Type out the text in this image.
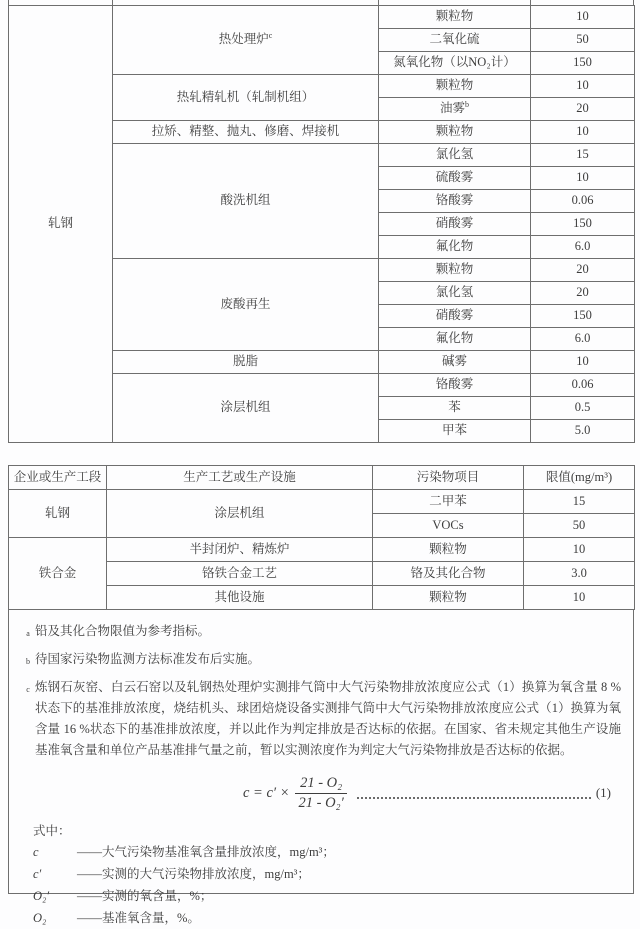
轧钢	热处理炉$^c$	颗粒物	10
		二氧化硫	50
		氮氧化物（以NO₂计）	150
	热轧精轧机（轧制机组）	颗粒物	10
		油雾$^b$	20
	拉矫、精整、抛丸、修磨、焊接机	颗粒物	10
	酸洗机组	氯化氢	15
		硫酸雾	10
		铬酸雾	0.06
		硝酸雾	150
		氟化物	6.0
	废酸再生	颗粒物	20
		氯化氢	20
		硝酸雾	150
		氟化物	6.0
	脱脂	碱雾	10
	涂层机组	铬酸雾	0.06
		苯	0.5
		甲苯	5.0
企业或生产工段	生产工艺或生产设施	污染物项目	限值(mg/m³)
轧钢	涂层机组	二甲苯	15
		VOCs	50
铁合金	半封闭炉、精炼炉	颗粒物	10
	铬铁合金工艺	铬及其化合物	3.0
	其他设施	颗粒物	10
a 铅及其化合物限值为参考指标。
b 待国家污染物监测方法标准发布后实施。
c 炼钢石灰窑、白云石窑以及轧钢热处理炉实测排气筒中大气污染物排放浓度应公式（1）换算为氧含量 8 %状态下的基准排放浓度，烧结机头、球团焙烧设备实测排气筒中大气污染物排放浓度应公式（1）换算为氧含量 16 %状态下的基准排放浓度，并以此作为判定排放是否达标的依据。在国家、省未规定其他生产设施基准氧含量和单位产品基准排气量之前，暂以实测浓度作为判定大气污染物排放是否达标的依据。
$c = c' \times \frac{\text{21 - O₂}}{\text{21 - O₂′}}$	(1)
式中：
c	——大气污染物基准氧含量排放浓度，mg/m³；
c′	——实测的大气污染物排放浓度，mg/m³；
O₂′	——实测的氧含量，%；
O₂	——基准氧含量，%。
